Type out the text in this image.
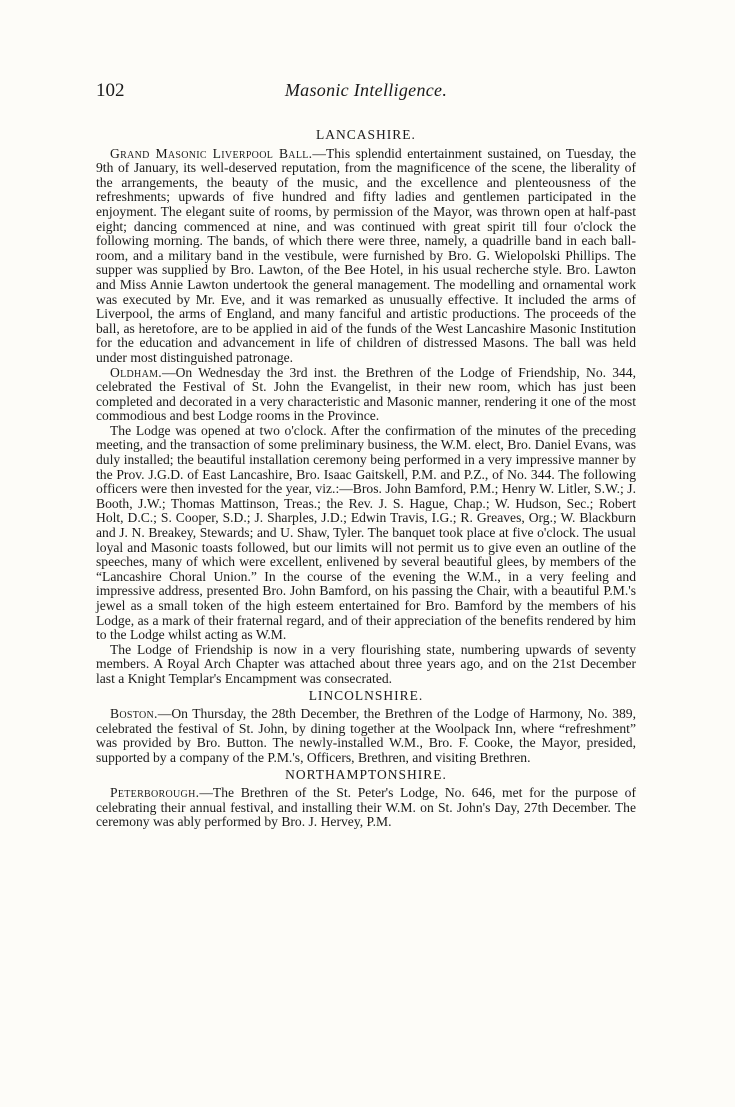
102	Masonic Intelligence.
LANCASHIRE.

Grand Masonic Liverpool Ball.—This splendid entertainment sustained, on Tuesday, the 9th of January, its well-deserved reputation, from the magnificence of the scene, the liberality of the arrangements, the beauty of the music, and the excellence and plenteousness of the refreshments; upwards of five hundred and fifty ladies and gentlemen participated in the enjoyment. The elegant suite of rooms, by permission of the Mayor, was thrown open at half-past eight; dancing commenced at nine, and was continued with great spirit till four o'clock the following morning. The bands, of which there were three, namely, a quadrille band in each ball-room, and a military band in the vestibule, were furnished by Bro. G. Wielopolski Phillips. The supper was supplied by Bro. Lawton, of the Bee Hotel, in his usual recherche style. Bro. Lawton and Miss Annie Lawton undertook the general management. The modelling and ornamental work was executed by Mr. Eve, and it was remarked as unusually effective. It included the arms of Liverpool, the arms of England, and many fanciful and artistic productions. The proceeds of the ball, as heretofore, are to be applied in aid of the funds of the West Lancashire Masonic Institution for the education and advancement in life of children of distressed Masons. The ball was held under most distinguished patronage.

Oldham.—On Wednesday the 3rd inst. the Brethren of the Lodge of Friendship, No. 344, celebrated the Festival of St. John the Evangelist, in their new room, which has just been completed and decorated in a very characteristic and Masonic manner, rendering it one of the most commodious and best Lodge rooms in the Province.

The Lodge was opened at two o'clock. After the confirmation of the minutes of the preceding meeting, and the transaction of some preliminary business, the W.M. elect, Bro. Daniel Evans, was duly installed; the beautiful installation ceremony being performed in a very impressive manner by the Prov. J.G.D. of East Lancashire, Bro. Isaac Gaitskell, P.M. and P.Z., of No. 344. The following officers were then invested for the year, viz.:—Bros. John Bamford, P.M.; Henry W. Litler, S.W.; J. Booth, J.W.; Thomas Mattinson, Treas.; the Rev. J. S. Hague, Chap.; W. Hudson, Sec.; Robert Holt, D.C.; S. Cooper, S.D.; J. Sharples, J.D.; Edwin Travis, I.G.; R. Greaves, Org.; W. Blackburn and J. N. Breakey, Stewards; and U. Shaw, Tyler. The banquet took place at five o'clock. The usual loyal and Masonic toasts followed, but our limits will not permit us to give even an outline of the speeches, many of which were excellent, enlivened by several beautiful glees, by members of the “Lancashire Choral Union.” In the course of the evening the W.M., in a very feeling and impressive address, presented Bro. John Bamford, on his passing the Chair, with a beautiful P.M.'s jewel as a small token of the high esteem entertained for Bro. Bamford by the members of his Lodge, as a mark of their fraternal regard, and of their appreciation of the benefits rendered by him to the Lodge whilst acting as W.M.

The Lodge of Friendship is now in a very flourishing state, numbering upwards of seventy members. A Royal Arch Chapter was attached about three years ago, and on the 21st December last a Knight Templar's Encampment was consecrated.

LINCOLNSHIRE.

Boston.—On Thursday, the 28th December, the Brethren of the Lodge of Harmony, No. 389, celebrated the festival of St. John, by dining together at the Woolpack Inn, where “refreshment” was provided by Bro. Button. The newly-installed W.M., Bro. F. Cooke, the Mayor, presided, supported by a company of the P.M.'s, Officers, Brethren, and visiting Brethren.

NORTHAMPTONSHIRE.

Peterborough.—The Brethren of the St. Peter's Lodge, No. 646, met for the purpose of celebrating their annual festival, and installing their W.M. on St. John's Day, 27th December. The ceremony was ably performed by Bro. J. Hervey, P.M.
